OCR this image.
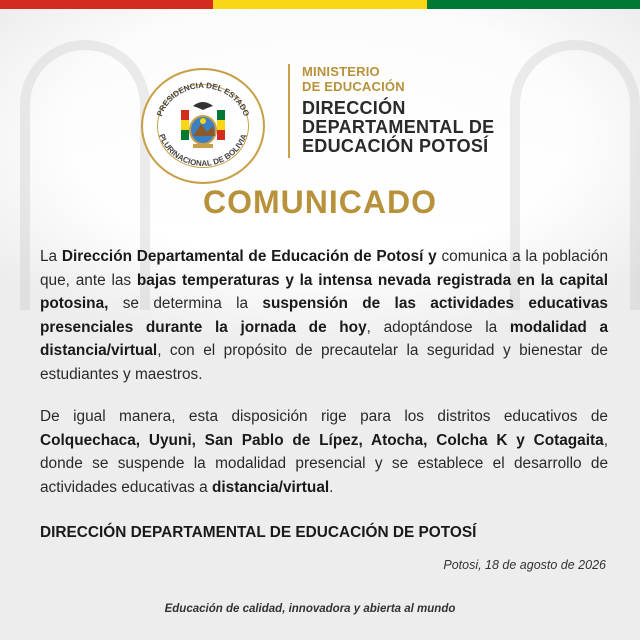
PRESIDENCIA DEL ESTADO
PLURINACIONAL DE BOLIVIA
MINISTERIO
DE EDUCACIÓN
DIRECCIÓN
DEPARTAMENTAL DE
EDUCACIÓN POTOSÍ
COMUNICADO
La Dirección Departamental de Educación de Potosí y comunica a la población que, ante las bajas temperaturas y la intensa nevada registrada en la capital potosina, se determina la suspensión de las actividades educativas presenciales durante la jornada de hoy, adoptándose la modalidad a distancia/virtual, con el propósito de precautelar la seguridad y bienestar de estudiantes y maestros.
De igual manera, esta disposición rige para los distritos educativos de Colquechaca, Uyuni, San Pablo de Lípez, Atocha, Colcha K y Cotagaita, donde se suspende la modalidad presencial y se establece el desarrollo de actividades educativas a distancia/virtual.
DIRECCIÓN DEPARTAMENTAL DE EDUCACIÓN DE POTOSÍ
Potosi, 18 de agosto de 2026
Educación de calidad, innovadora y abierta al mundo
